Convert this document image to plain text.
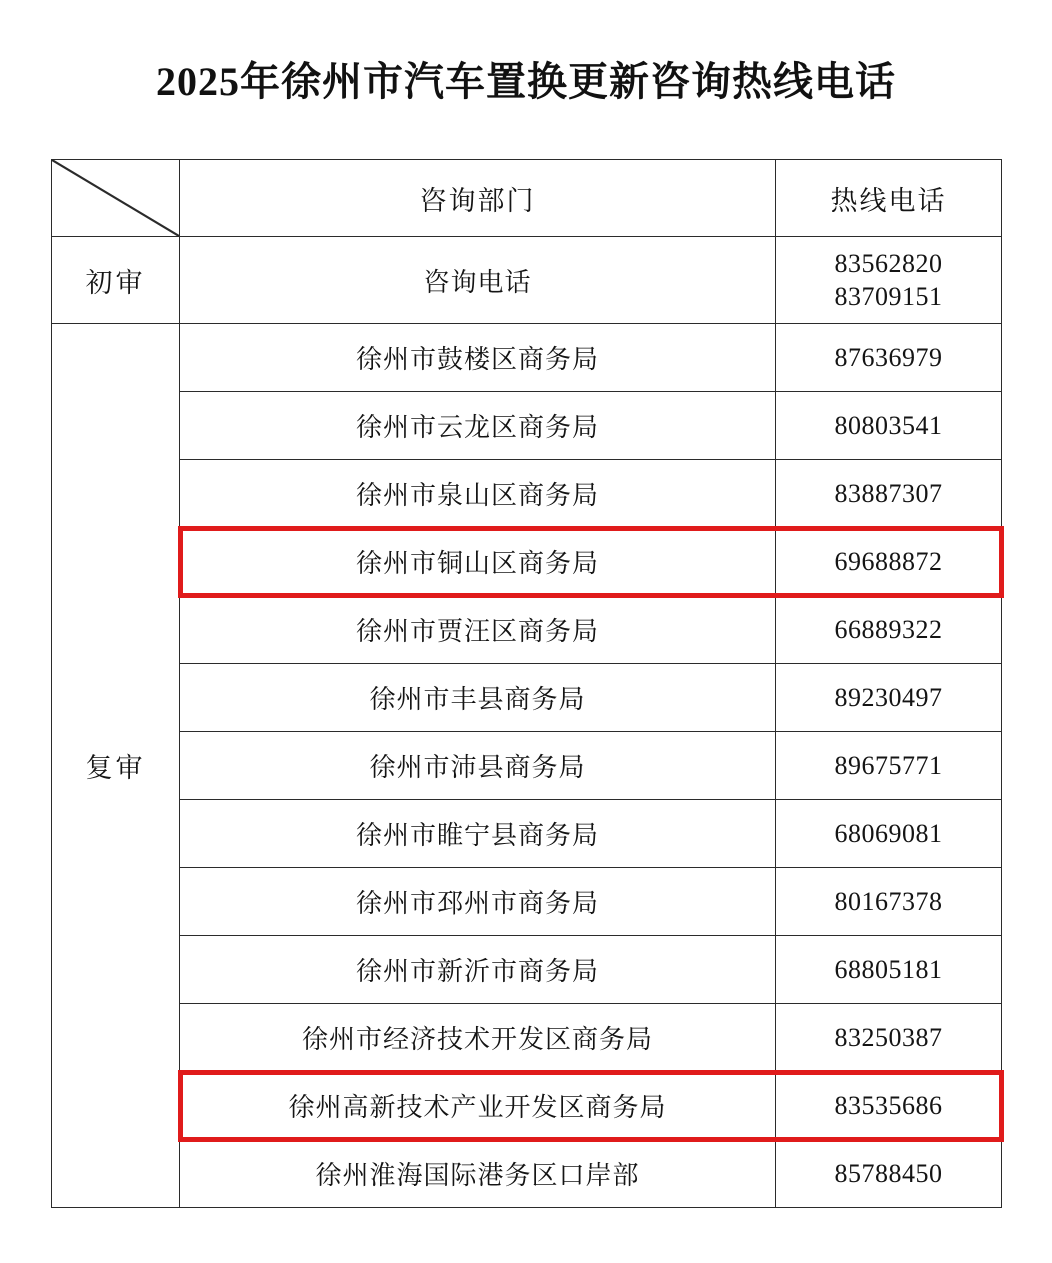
2025年徐州市汽车置换更新咨询热线电话
	咨询部门	热线电话
初审	咨询电话	83562820
83709151

复审	徐州市鼓楼区商务局	87636979
	徐州市云龙区商务局	80803541
	徐州市泉山区商务局	83887307
	徐州市铜山区商务局	69688872
	徐州市贾汪区商务局	66889322
	徐州市丰县商务局	89230497
	徐州市沛县商务局	89675771
	徐州市睢宁县商务局	68069081
	徐州市邳州市商务局	80167378
	徐州市新沂市商务局	68805181
	徐州市经济技术开发区商务局	83250387
	徐州高新技术产业开发区商务局	83535686
	徐州淮海国际港务区口岸部	85788450
